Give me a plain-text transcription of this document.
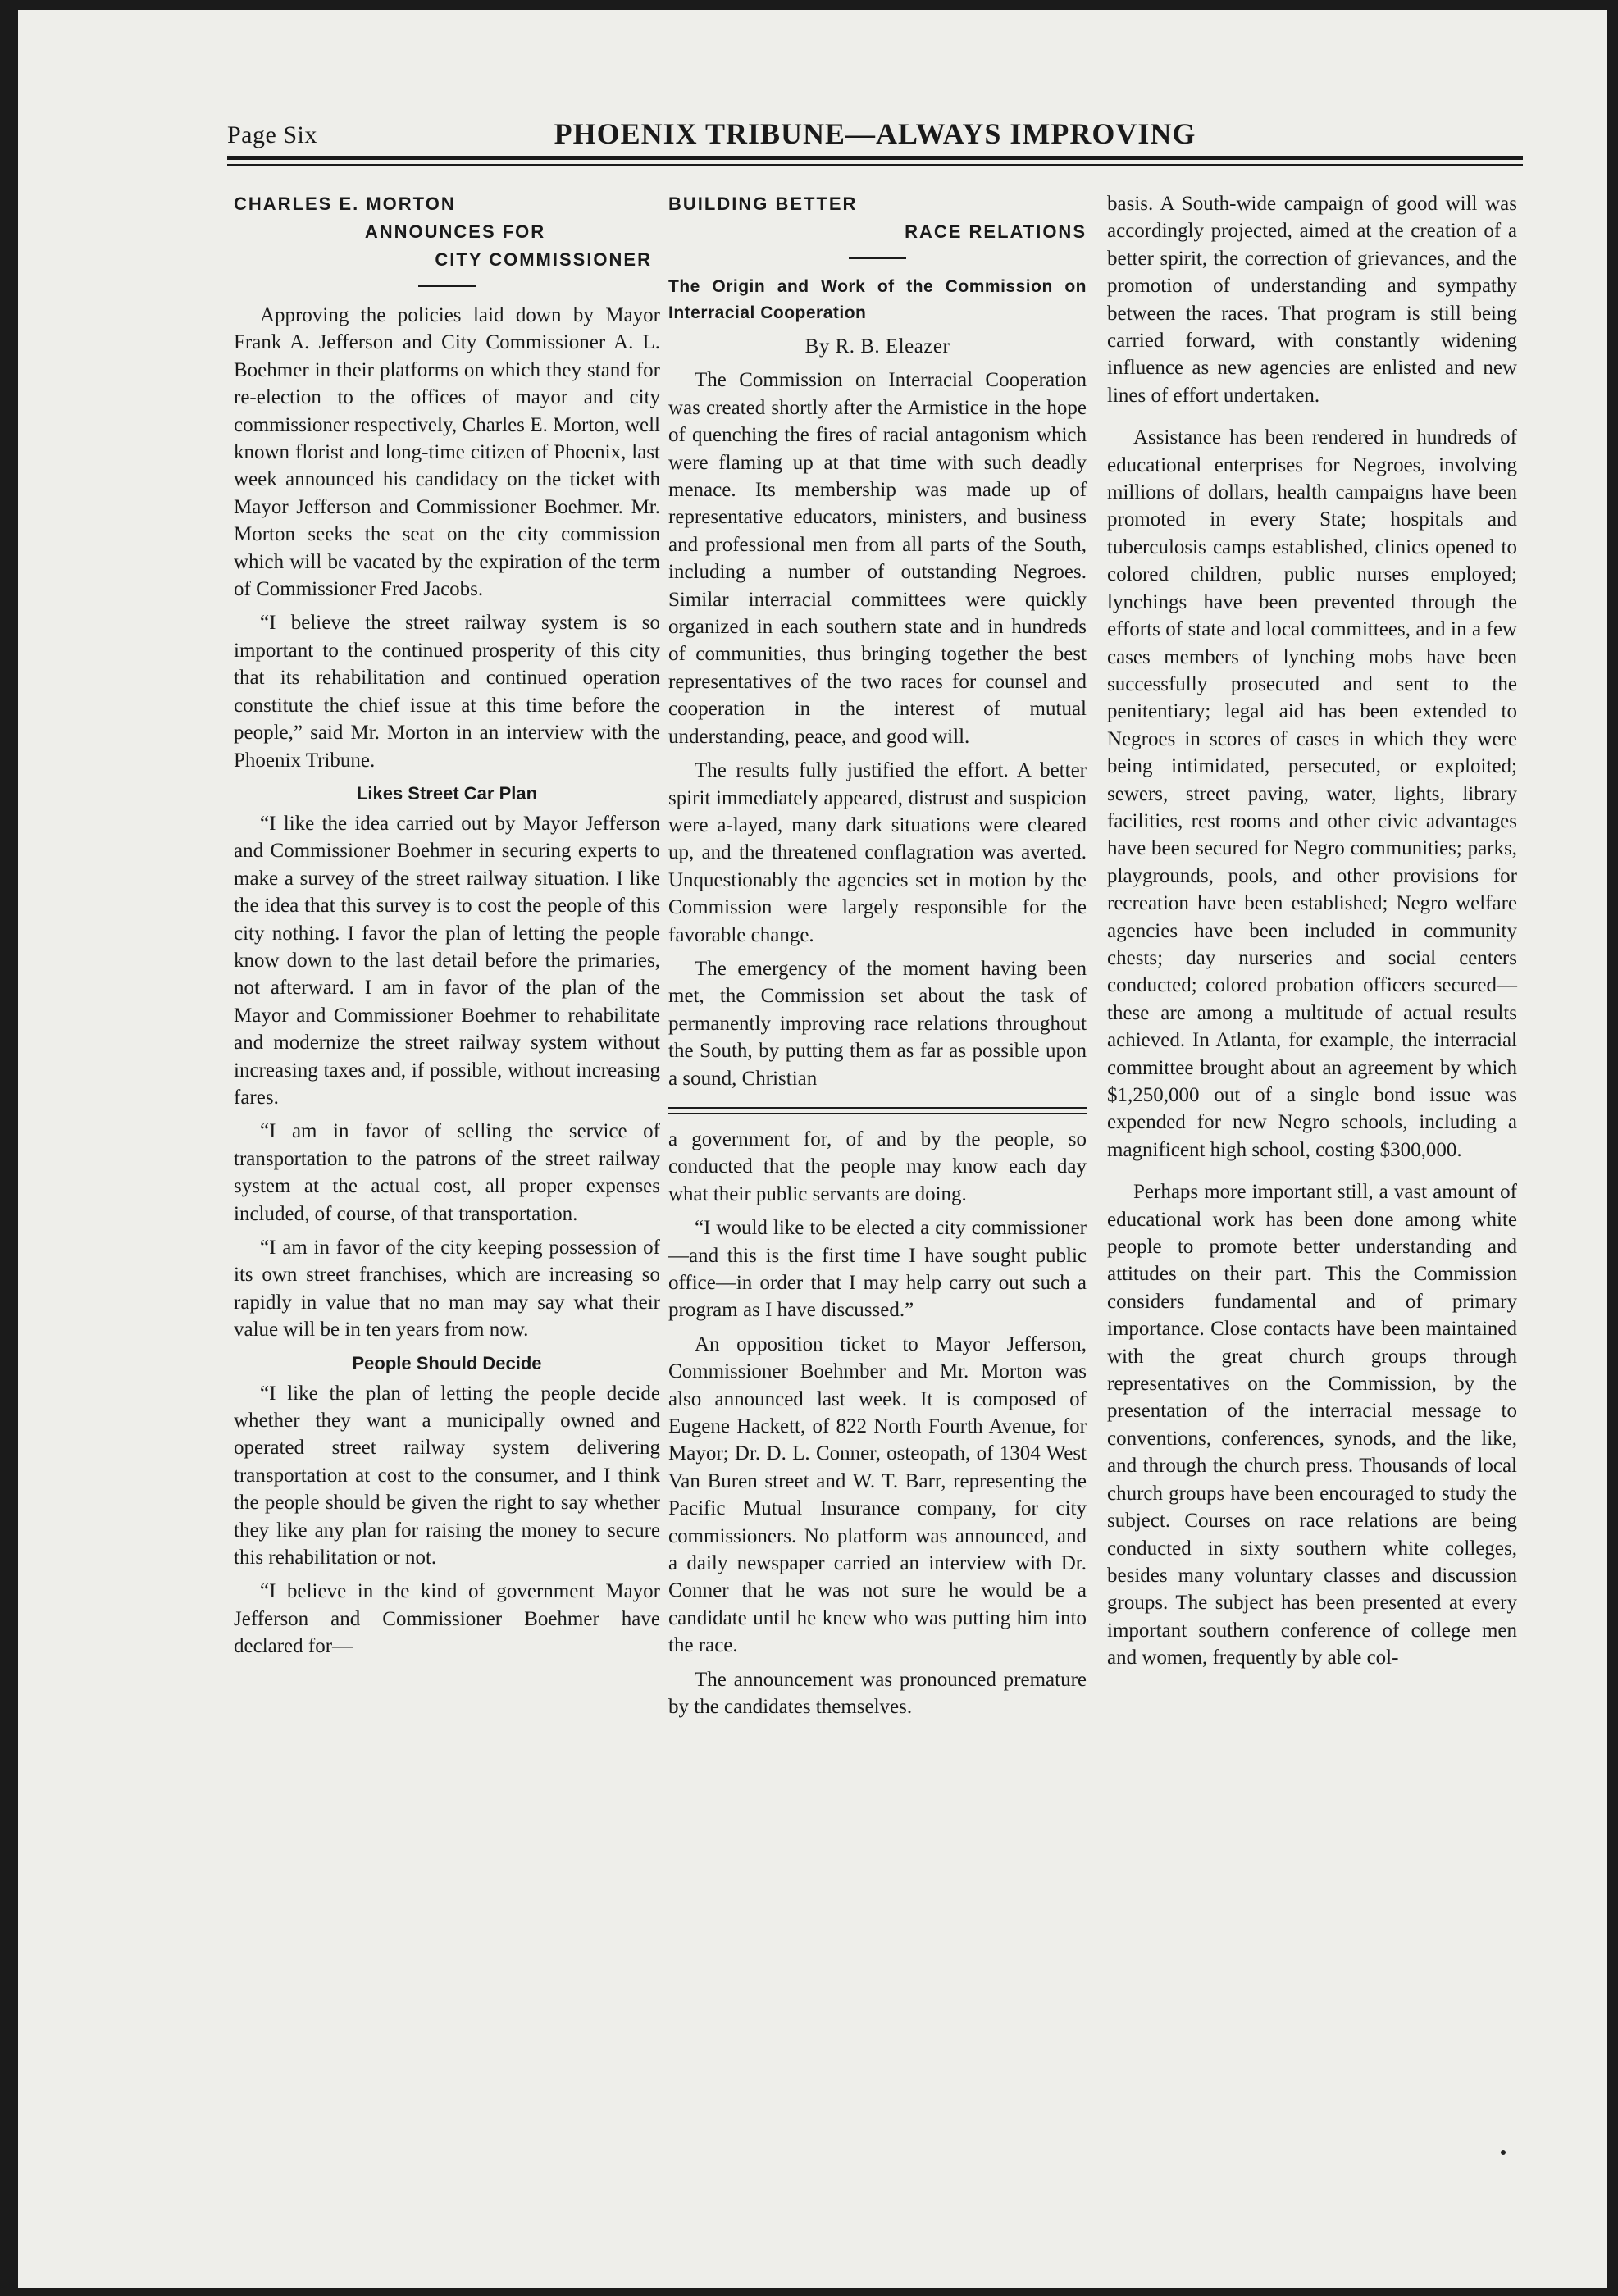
Page Six	PHOENIX TRIBUNE—ALWAYS IMPROVING
CHARLES E. MORTON
ANNOUNCES FOR
CITY COMMISSIONER

Approving the policies laid down by Mayor Frank A. Jefferson and City Commissioner A. L. Boehmer in their platforms on which they stand for re-election to the offices of mayor and city commissioner respectively, Charles E. Morton, well known florist and long-time citizen of Phoenix, last week announced his candidacy on the ticket with Mayor Jefferson and Commissioner Boehmer. Mr. Morton seeks the seat on the city commission which will be vacated by the expiration of the term of Commissioner Fred Jacobs.

“I believe the street railway system is so important to the continued prosperity of this city that its rehabilitation and continued operation constitute the chief issue at this time before the people,” said Mr. Morton in an interview with the Phoenix Tribune.

Likes Street Car Plan

“I like the idea carried out by Mayor Jefferson and Commissioner Boehmer in securing experts to make a survey of the street railway situation. I like the idea that this survey is to cost the people of this city nothing. I favor the plan of letting the people know down to the last detail before the primaries, not afterward. I am in favor of the plan of the Mayor and Commissioner Boehmer to rehabilitate and modernize the street railway system without increasing taxes and, if possible, without increasing fares.

“I am in favor of selling the service of transportation to the patrons of the street railway system at the actual cost, all proper expenses included, of course, of that transportation.

“I am in favor of the city keeping possession of its own street franchises, which are increasing so rapidly in value that no man may say what their value will be in ten years from now.

People Should Decide

“I like the plan of letting the people decide whether they want a municipally owned and operated street railway system delivering transportation at cost to the consumer, and I think the people should be given the right to say whether they like any plan for raising the money to secure this rehabilitation or not.

“I believe in the kind of government Mayor Jefferson and Commissioner Boehmer have declared for—

BUILDING BETTER
RACE RELATIONS

The Origin and Work of the Commission on Interracial Cooperation

By R. B. Eleazer

The Commission on Interracial Cooperation was created shortly after the Armistice in the hope of quenching the fires of racial antagonism which were flaming up at that time with such deadly menace. Its membership was made up of representative educators, ministers, and business and professional men from all parts of the South, including a number of outstanding Negroes. Similar interracial committees were quickly organized in each southern state and in hundreds of communities, thus bringing together the best representatives of the two races for counsel and cooperation in the interest of mutual understanding, peace, and good will.

The results fully justified the effort. A better spirit immediately appeared, distrust and suspicion were a-layed, many dark situations were cleared up, and the threatened conflagration was averted. Unquestionably the agencies set in motion by the Commission were largely responsible for the favorable change.

The emergency of the moment having been met, the Commission set about the task of permanently improving race relations throughout the South, by putting them as far as possible upon a sound, Christian

a government for, of and by the people, so conducted that the people may know each day what their public servants are doing.

“I would like to be elected a city commissioner—and this is the first time I have sought public office—in order that I may help carry out such a program as I have discussed.”

An opposition ticket to Mayor Jefferson, Commissioner Boehmber and Mr. Morton was also announced last week. It is composed of Eugene Hackett, of 822 North Fourth Avenue, for Mayor; Dr. D. L. Conner, osteopath, of 1304 West Van Buren street and W. T. Barr, representing the Pacific Mutual Insurance company, for city commissioners. No platform was announced, and a daily newspaper carried an interview with Dr. Conner that he was not sure he would be a candidate until he knew who was putting him into the race.

The announcement was pronounced premature by the candidates themselves.

basis. A South-wide campaign of good will was accordingly projected, aimed at the creation of a better spirit, the correction of grievances, and the promotion of understanding and sympathy between the races. That program is still being carried forward, with constantly widening influence as new agencies are enlisted and new lines of effort undertaken.

Assistance has been rendered in hundreds of educational enterprises for Negroes, involving millions of dollars, health campaigns have been promoted in every State; hospitals and tuberculosis camps established, clinics opened to colored children, public nurses employed; lynchings have been prevented through the efforts of state and local committees, and in a few cases members of lynching mobs have been successfully prosecuted and sent to the penitentiary; legal aid has been extended to Negroes in scores of cases in which they were being intimidated, persecuted, or exploited; sewers, street paving, water, lights, library facilities, rest rooms and other civic advantages have been secured for Negro communities; parks, playgrounds, pools, and other provisions for recreation have been established; Negro welfare agencies have been included in community chests; day nurseries and social centers conducted; colored probation officers secured—these are among a multitude of actual results achieved. In Atlanta, for example, the interracial committee brought about an agreement by which $1,250,000 out of a single bond issue was expended for new Negro schools, including a magnificent high school, costing $300,000.

Perhaps more important still, a vast amount of educational work has been done among white people to promote better understanding and attitudes on their part. This the Commission considers fundamental and of primary importance. Close contacts have been maintained with the great church groups through representatives on the Commission, by the presentation of the interracial message to conventions, conferences, synods, and the like, and through the church press. Thousands of local church groups have been encouraged to study the subject. Courses on race relations are being conducted in sixty southern white colleges, besides many voluntary classes and discussion groups. The subject has been presented at every important southern conference of college men and women, frequently by able col-
